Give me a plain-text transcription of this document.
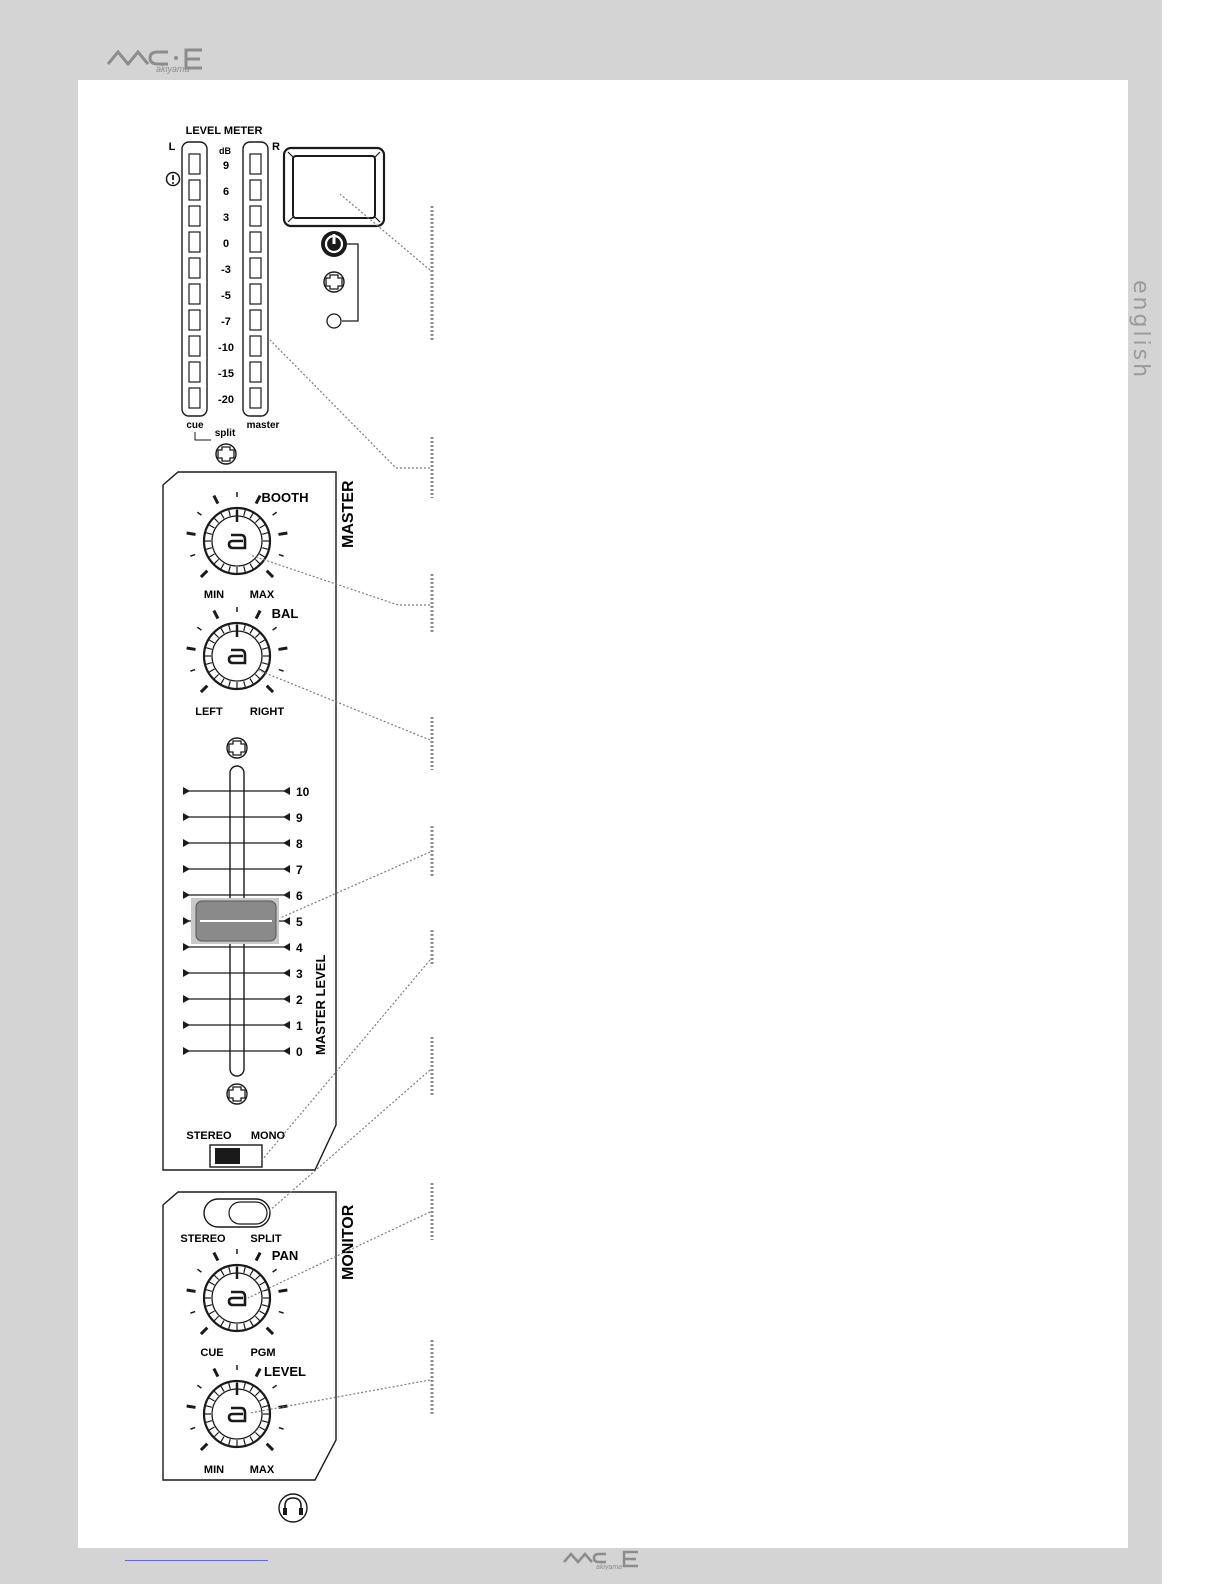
akiyama
akiyama
english
LEVEL METER
L	R
dB
9
6
3
0
-3
-5
-7
-10
-15
-20
cue
split
master
MASTER
BOOTH
MIN MAX
BAL
LEFT RIGHT
10
9
8
7
6
5
4
3
2
1
0 MASTER LEVEL
STEREO MONO
MONITOR
STEREO SPLIT
PAN
CUE PGM
LEVEL
MIN MAX
